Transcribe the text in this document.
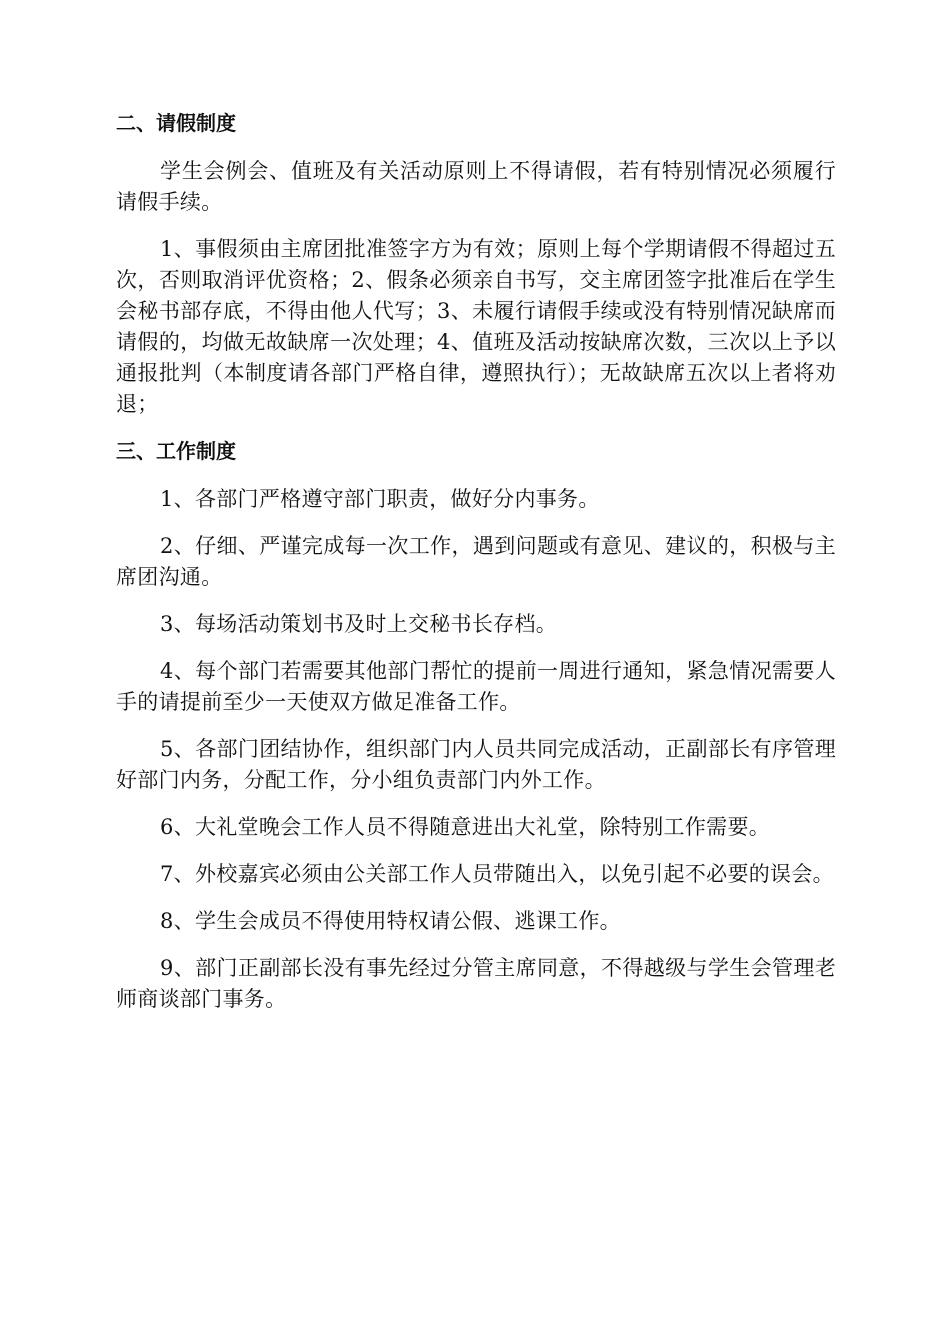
二、请假制度

学生会例会、值班及有关活动原则上不得请假，若有特别情况必须履行请假手续。

1、事假须由主席团批准签字方为有效；原则上每个学期请假不得超过五次，否则取消评优资格；2、假条必须亲自书写，交主席团签字批准后在学生会秘书部存底，不得由他人代写；3、未履行请假手续或没有特别情况缺席而请假的，均做无故缺席一次处理；4、值班及活动按缺席次数，三次以上予以通报批判（本制度请各部门严格自律，遵照执行）；无故缺席五次以上者将劝退；

三、工作制度

1、各部门严格遵守部门职责，做好分内事务。

2、仔细、严谨完成每一次工作，遇到问题或有意见、建议的，积极与主席团沟通。

3、每场活动策划书及时上交秘书长存档。

4、每个部门若需要其他部门帮忙的提前一周进行通知，紧急情况需要人手的请提前至少一天使双方做足准备工作。

5、各部门团结协作，组织部门内人员共同完成活动，正副部长有序管理好部门内务，分配工作，分小组负责部门内外工作。

6、大礼堂晚会工作人员不得随意进出大礼堂，除特别工作需要。

7、外校嘉宾必须由公关部工作人员带随出入，以免引起不必要的误会。

8、学生会成员不得使用特权请公假、逃课工作。

9、部门正副部长没有事先经过分管主席同意，不得越级与学生会管理老师商谈部门事务。
